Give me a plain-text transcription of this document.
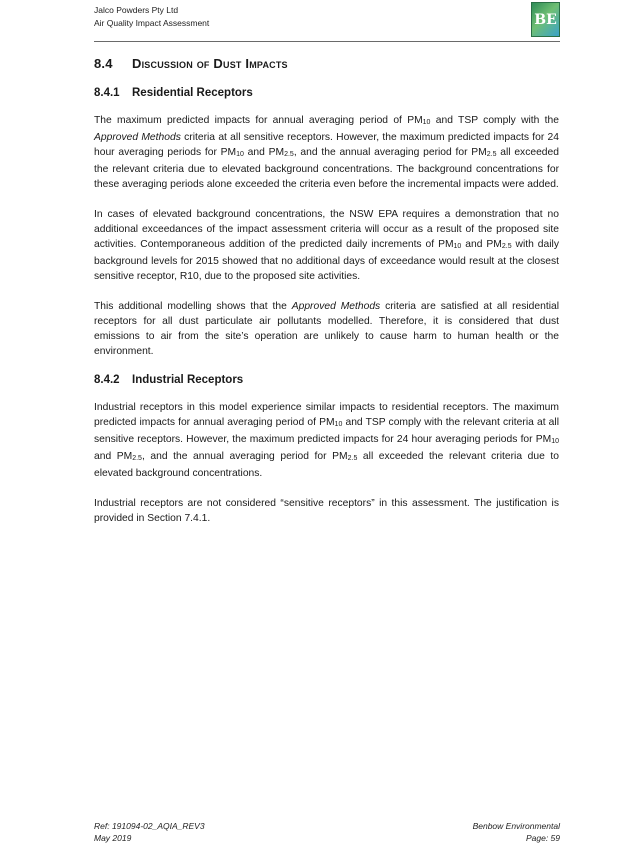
Jalco Powders Pty Ltd
Air Quality Impact Assessment	BE
8.4 Discussion of Dust Impacts
8.4.1 Residential Receptors

The maximum predicted impacts for annual averaging period of $PM_{10}$ and TSP comply with the Approved Methods criteria at all sensitive receptors. However, the maximum predicted impacts for 24 hour averaging periods for $PM_{10}$ and $PM_{2.5}$, and the annual averaging period for $PM_{2.5}$ all exceeded the relevant criteria due to elevated background concentrations. The background concentrations for these averaging periods alone exceeded the criteria even before the incremental impacts were added.

In cases of elevated background concentrations, the NSW EPA requires a demonstration that no additional exceedances of the impact assessment criteria will occur as a result of the proposed site activities. Contemporaneous addition of the predicted daily increments of $PM_{10}$ and $PM_{2.5}$ with daily background levels for 2015 showed that no additional days of exceedance would result at the closest sensitive receptor, R10, due to the proposed site activities.

This additional modelling shows that the Approved Methods criteria are satisfied at all residential receptors for all dust particulate air pollutants modelled. Therefore, it is considered that dust emissions to air from the site’s operation are unlikely to cause harm to human health or the environment.

8.4.2 Industrial Receptors

Industrial receptors in this model experience similar impacts to residential receptors. The maximum predicted impacts for annual averaging period of $PM_{10}$ and TSP comply with the relevant criteria at all sensitive receptors. However, the maximum predicted impacts for 24 hour averaging periods for $PM_{10}$ and $PM_{2.5}$, and the annual averaging period for $PM_{2.5}$ all exceeded the relevant criteria due to elevated background concentrations.

Industrial receptors are not considered “sensitive receptors” in this assessment. The justification is provided in Section 7.4.1.

Ref: 191094-02_AQIA_REV3
May 2019
Benbow Environmental
Page: 59
